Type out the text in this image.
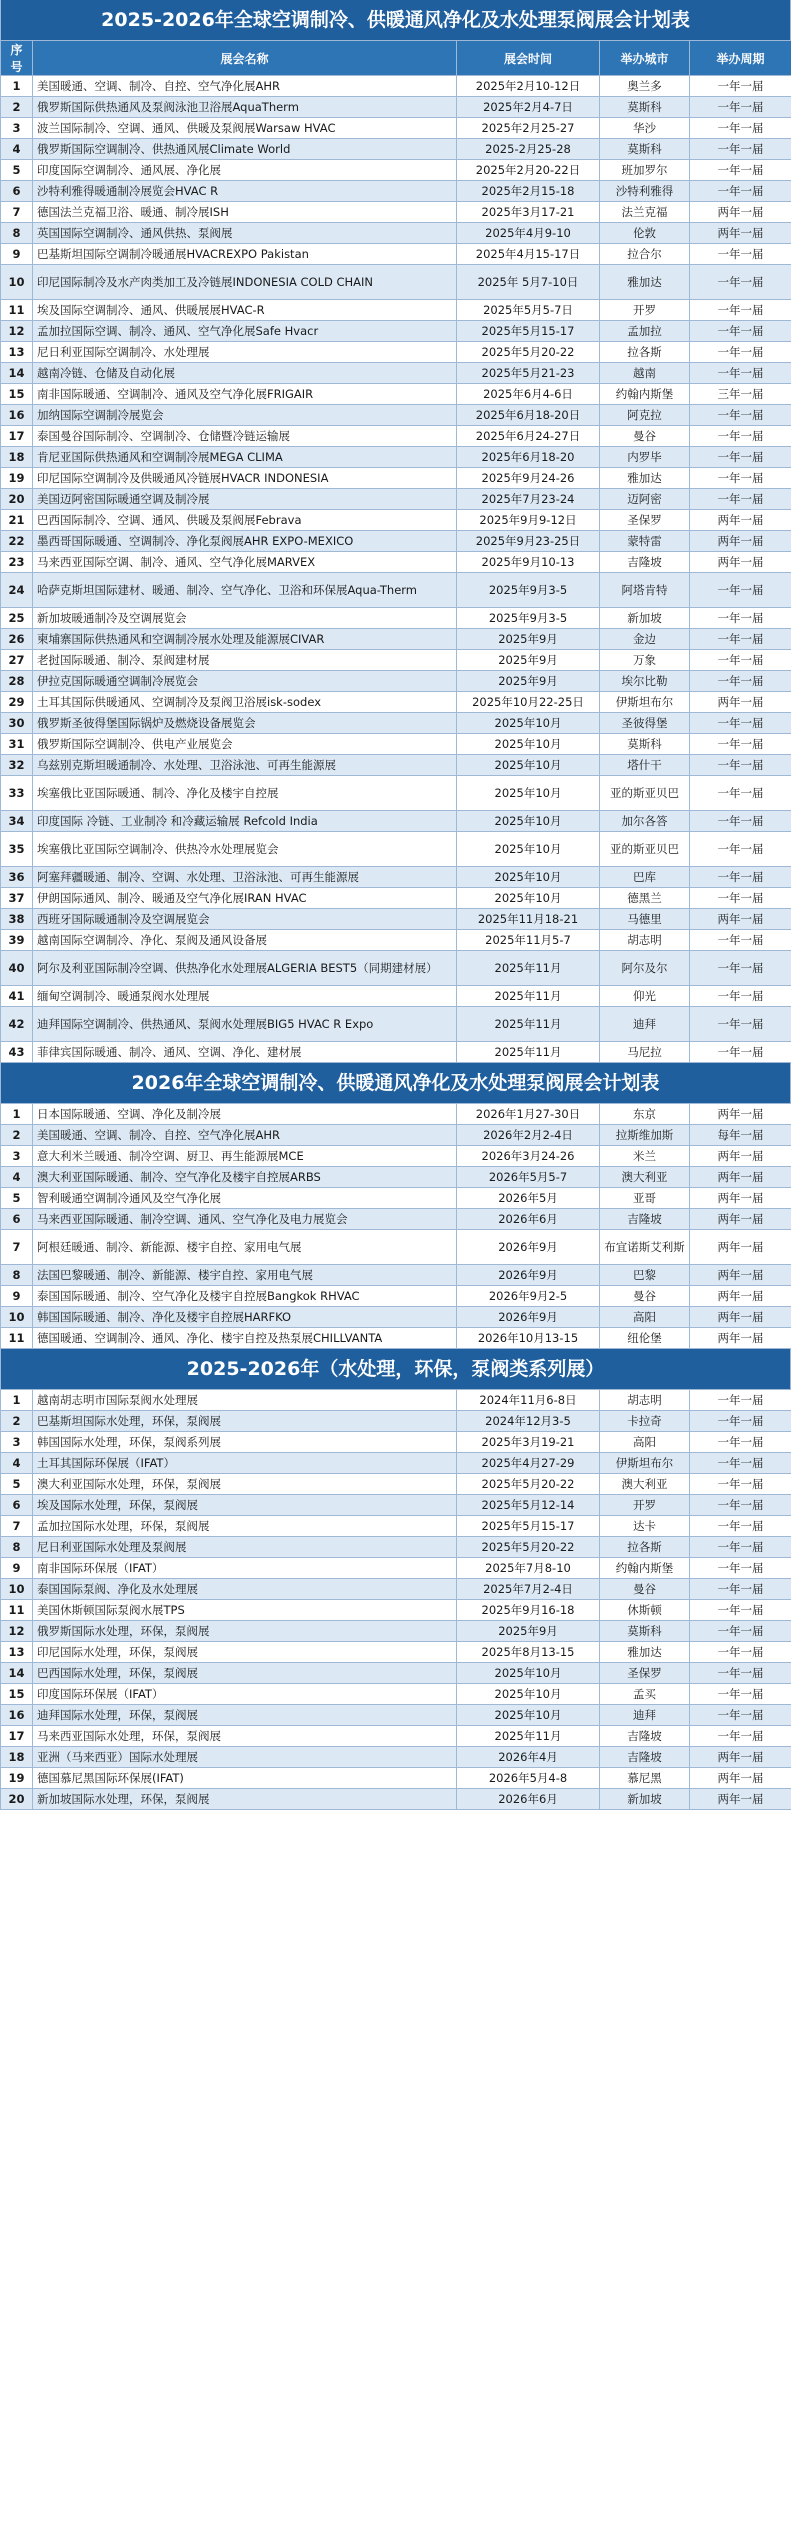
2025-2026年全球空调制冷、供暖通风净化及水处理泵阀展会计划表
序号	展会名称	展会时间	举办城市	举办周期
1	美国暖通、空调、制冷、自控、空气净化展AHR	2025年2月10-12日	奥兰多	一年一届
2	俄罗斯国际供热通风及泵阀泳池卫浴展AquaTherm	2025年2月4-7日	莫斯科	一年一届
3	波兰国际制冷、空调、通风、供暖及泵阀展Warsaw HVAC	2025年2月25-27	华沙	一年一届
4	俄罗斯国际空调制冷、供热通风展Climate World	2025-2月25-28	莫斯科	一年一届
5	印度国际空调制冷、通风展、净化展	2025年2月20-22日	班加罗尔	一年一届
6	沙特利雅得暖通制冷展览会HVAC R	2025年2月15-18	沙特利雅得	一年一届
7	德国法兰克福卫浴、暖通、制冷展ISH	2025年3月17-21	法兰克福	两年一届
8	英国国际空调制冷、通风供热、泵阀展	2025年4月9-10	伦敦	两年一届
9	巴基斯坦国际空调制冷暖通展HVACREXPO Pakistan	2025年4月15-17日	拉合尔	一年一届
10	印尼国际制冷及水产肉类加工及冷链展INDONESIA COLD CHAIN	2025年 5月7-10日	雅加达	一年一届
11	埃及国际空调制冷、通风、供暖展展HVAC-R	2025年5月5-7日	开罗	一年一届
12	孟加拉国际空调、制冷、通风、空气净化展Safe Hvacr	2025年5月15-17	孟加拉	一年一届
13	尼日利亚国际空调制冷、水处理展	2025年5月20-22	拉各斯	一年一届
14	越南冷链、仓储及自动化展	2025年5月21-23	越南	一年一届
15	南非国际暖通、空调制冷、通风及空气净化展FRIGAIR	2025年6月4-6日	约翰内斯堡	三年一届
16	加纳国际空调制冷展览会	2025年6月18-20日	阿克拉	一年一届
17	泰国曼谷国际制冷、空调制冷、仓储暨冷链运输展	2025年6月24-27日	曼谷	一年一届
18	肯尼亚国际供热通风和空调制冷展MEGA CLIMA	2025年6月18-20	内罗毕	一年一届
19	印尼国际空调制冷及供暖通风冷链展HVACR INDONESIA	2025年9月24-26	雅加达	一年一届
20	美国迈阿密国际暖通空调及制冷展	2025年7月23-24	迈阿密	一年一届
21	巴西国际制冷、空调、通风、供暖及泵阀展Febrava	2025年9月9-12日	圣保罗	两年一届
22	墨西哥国际暖通、空调制冷、净化泵阀展AHR EXPO-MEXICO	2025年9月23-25日	蒙特雷	两年一届
23	马来西亚国际空调、制冷、通风、空气净化展MARVEX	2025年9月10-13	吉隆坡	两年一届
24	哈萨克斯坦国际建材、暖通、制冷、空气净化、卫浴和环保展Aqua-Therm	2025年9月3-5	阿塔肯特	一年一届
25	新加坡暖通制冷及空调展览会	2025年9月3-5	新加坡	一年一届
26	柬埔寨国际供热通风和空调制冷展水处理及能源展CIVAR	2025年9月	金边	一年一届
27	老挝国际暖通、制冷、泵阀建材展	2025年9月	万象	一年一届
28	伊拉克国际暖通空调制冷展览会	2025年9月	埃尔比勒	一年一届
29	土耳其国际供暖通风、空调制冷及泵阀卫浴展isk-sodex	2025年10月22-25日	伊斯坦布尔	两年一届
30	俄罗斯圣彼得堡国际锅炉及燃烧设备展览会	2025年10月	圣彼得堡	一年一届
31	俄罗斯国际空调制冷、供电产业展览会	2025年10月	莫斯科	一年一届
32	乌兹别克斯坦暖通制冷、水处理、卫浴泳池、可再生能源展	2025年10月	塔什干	一年一届
33	埃塞俄比亚国际暖通、制冷、净化及楼宇自控展	2025年10月	亚的斯亚贝巴	一年一届
34	印度国际 冷链、工业制冷 和冷藏运输展 Refcold India	2025年10月	加尔各答	一年一届
35	埃塞俄比亚国际空调制冷、供热冷水处理展览会	2025年10月	亚的斯亚贝巴	一年一届
36	阿塞拜疆暖通、制冷、空调、水处理、卫浴泳池、可再生能源展	2025年10月	巴库	一年一届
37	伊朗国际通风、制冷、暖通及空气净化展IRAN HVAC	2025年10月	德黑兰	一年一届
38	西班牙国际暖通制冷及空调展览会	2025年11月18-21	马德里	两年一届
39	越南国际空调制冷、净化、泵阀及通风设备展	2025年11月5-7	胡志明	一年一届
40	阿尔及利亚国际制冷空调、供热净化水处理展ALGERIA BEST5（同期建材展）	2025年11月	阿尔及尔	一年一届
41	缅甸空调制冷、暖通泵阀水处理展	2025年11月	仰光	一年一届
42	迪拜国际空调制冷、供热通风、泵阀水处理展BIG5 HVAC R Expo	2025年11月	迪拜	一年一届
43	菲律宾国际暖通、制冷、通风、空调、净化、建材展	2025年11月	马尼拉	一年一届
2026年全球空调制冷、供暖通风净化及水处理泵阀展会计划表
1	日本国际暖通、空调、净化及制冷展	2026年1月27-30日	东京	两年一届
2	美国暖通、空调、制冷、自控、空气净化展AHR	2026年2月2-4日	拉斯维加斯	每年一届
3	意大利米兰暖通、制冷空调、厨卫、再生能源展MCE	2026年3月24-26	米兰	两年一届
4	澳大利亚国际暖通、制冷、空气净化及楼宇自控展ARBS	2026年5月5-7	澳大利亚	两年一届
5	智利暖通空调制冷通风及空气净化展	2026年5月	亚哥	两年一届
6	马来西亚国际暖通、制冷空调、通风、空气净化及电力展览会	2026年6月	吉隆坡	两年一届
7	阿根廷暖通、制冷、新能源、楼宇自控、家用电气展	2026年9月	布宜诺斯艾利斯	两年一届
8	法国巴黎暖通、制冷、新能源、楼宇自控、家用电气展	2026年9月	巴黎	两年一届
9	泰国国际暖通、制冷、空气净化及楼宇自控展Bangkok RHVAC	2026年9月2-5	曼谷	两年一届
10	韩国国际暖通、制冷、净化及楼宇自控展HARFKO	2026年9月	高阳	两年一届
11	德国暖通、空调制冷、通风、净化、楼宇自控及热泵展CHILLVANTA	2026年10月13-15	纽伦堡	两年一届
2025-2026年（水处理，环保，泵阀类系列展）
1	越南胡志明市国际泵阀水处理展	2024年11月6-8日	胡志明	一年一届
2	巴基斯坦国际水处理，环保，泵阀展	2024年12月3-5	卡拉奇	一年一届
3	韩国国际水处理，环保，泵阀系列展	2025年3月19-21	高阳	一年一届
4	土耳其国际环保展（IFAT）	2025年4月27-29	伊斯坦布尔	一年一届
5	澳大利亚国际水处理，环保，泵阀展	2025年5月20-22	澳大利亚	一年一届
6	埃及国际水处理，环保，泵阀展	2025年5月12-14	开罗	一年一届
7	孟加拉国际水处理，环保，泵阀展	2025年5月15-17	达卡	一年一届
8	尼日利亚国际水处理及泵阀展	2025年5月20-22	拉各斯	一年一届
9	南非国际环保展（IFAT）	2025年7月8-10	约翰内斯堡	一年一届
10	泰国国际泵阀、净化及水处理展	2025年7月2-4日	曼谷	一年一届
11	美国休斯顿国际泵阀水展TPS	2025年9月16-18	休斯顿	一年一届
12	俄罗斯国际水处理，环保，泵阀展	2025年9月	莫斯科	一年一届
13	印尼国际水处理，环保，泵阀展	2025年8月13-15	雅加达	一年一届
14	巴西国际水处理，环保，泵阀展	2025年10月	圣保罗	一年一届
15	印度国际环保展（IFAT）	2025年10月	孟买	一年一届
16	迪拜国际水处理，环保，泵阀展	2025年10月	迪拜	一年一届
17	马来西亚国际水处理，环保，泵阀展	2025年11月	吉隆坡	一年一届
18	亚洲（马来西亚）国际水处理展	2026年4月	吉隆坡	两年一届
19	德国慕尼黑国际环保展(IFAT)	2026年5月4-8	慕尼黑	两年一届
20	新加坡国际水处理，环保，泵阀展	2026年6月	新加坡	两年一届
